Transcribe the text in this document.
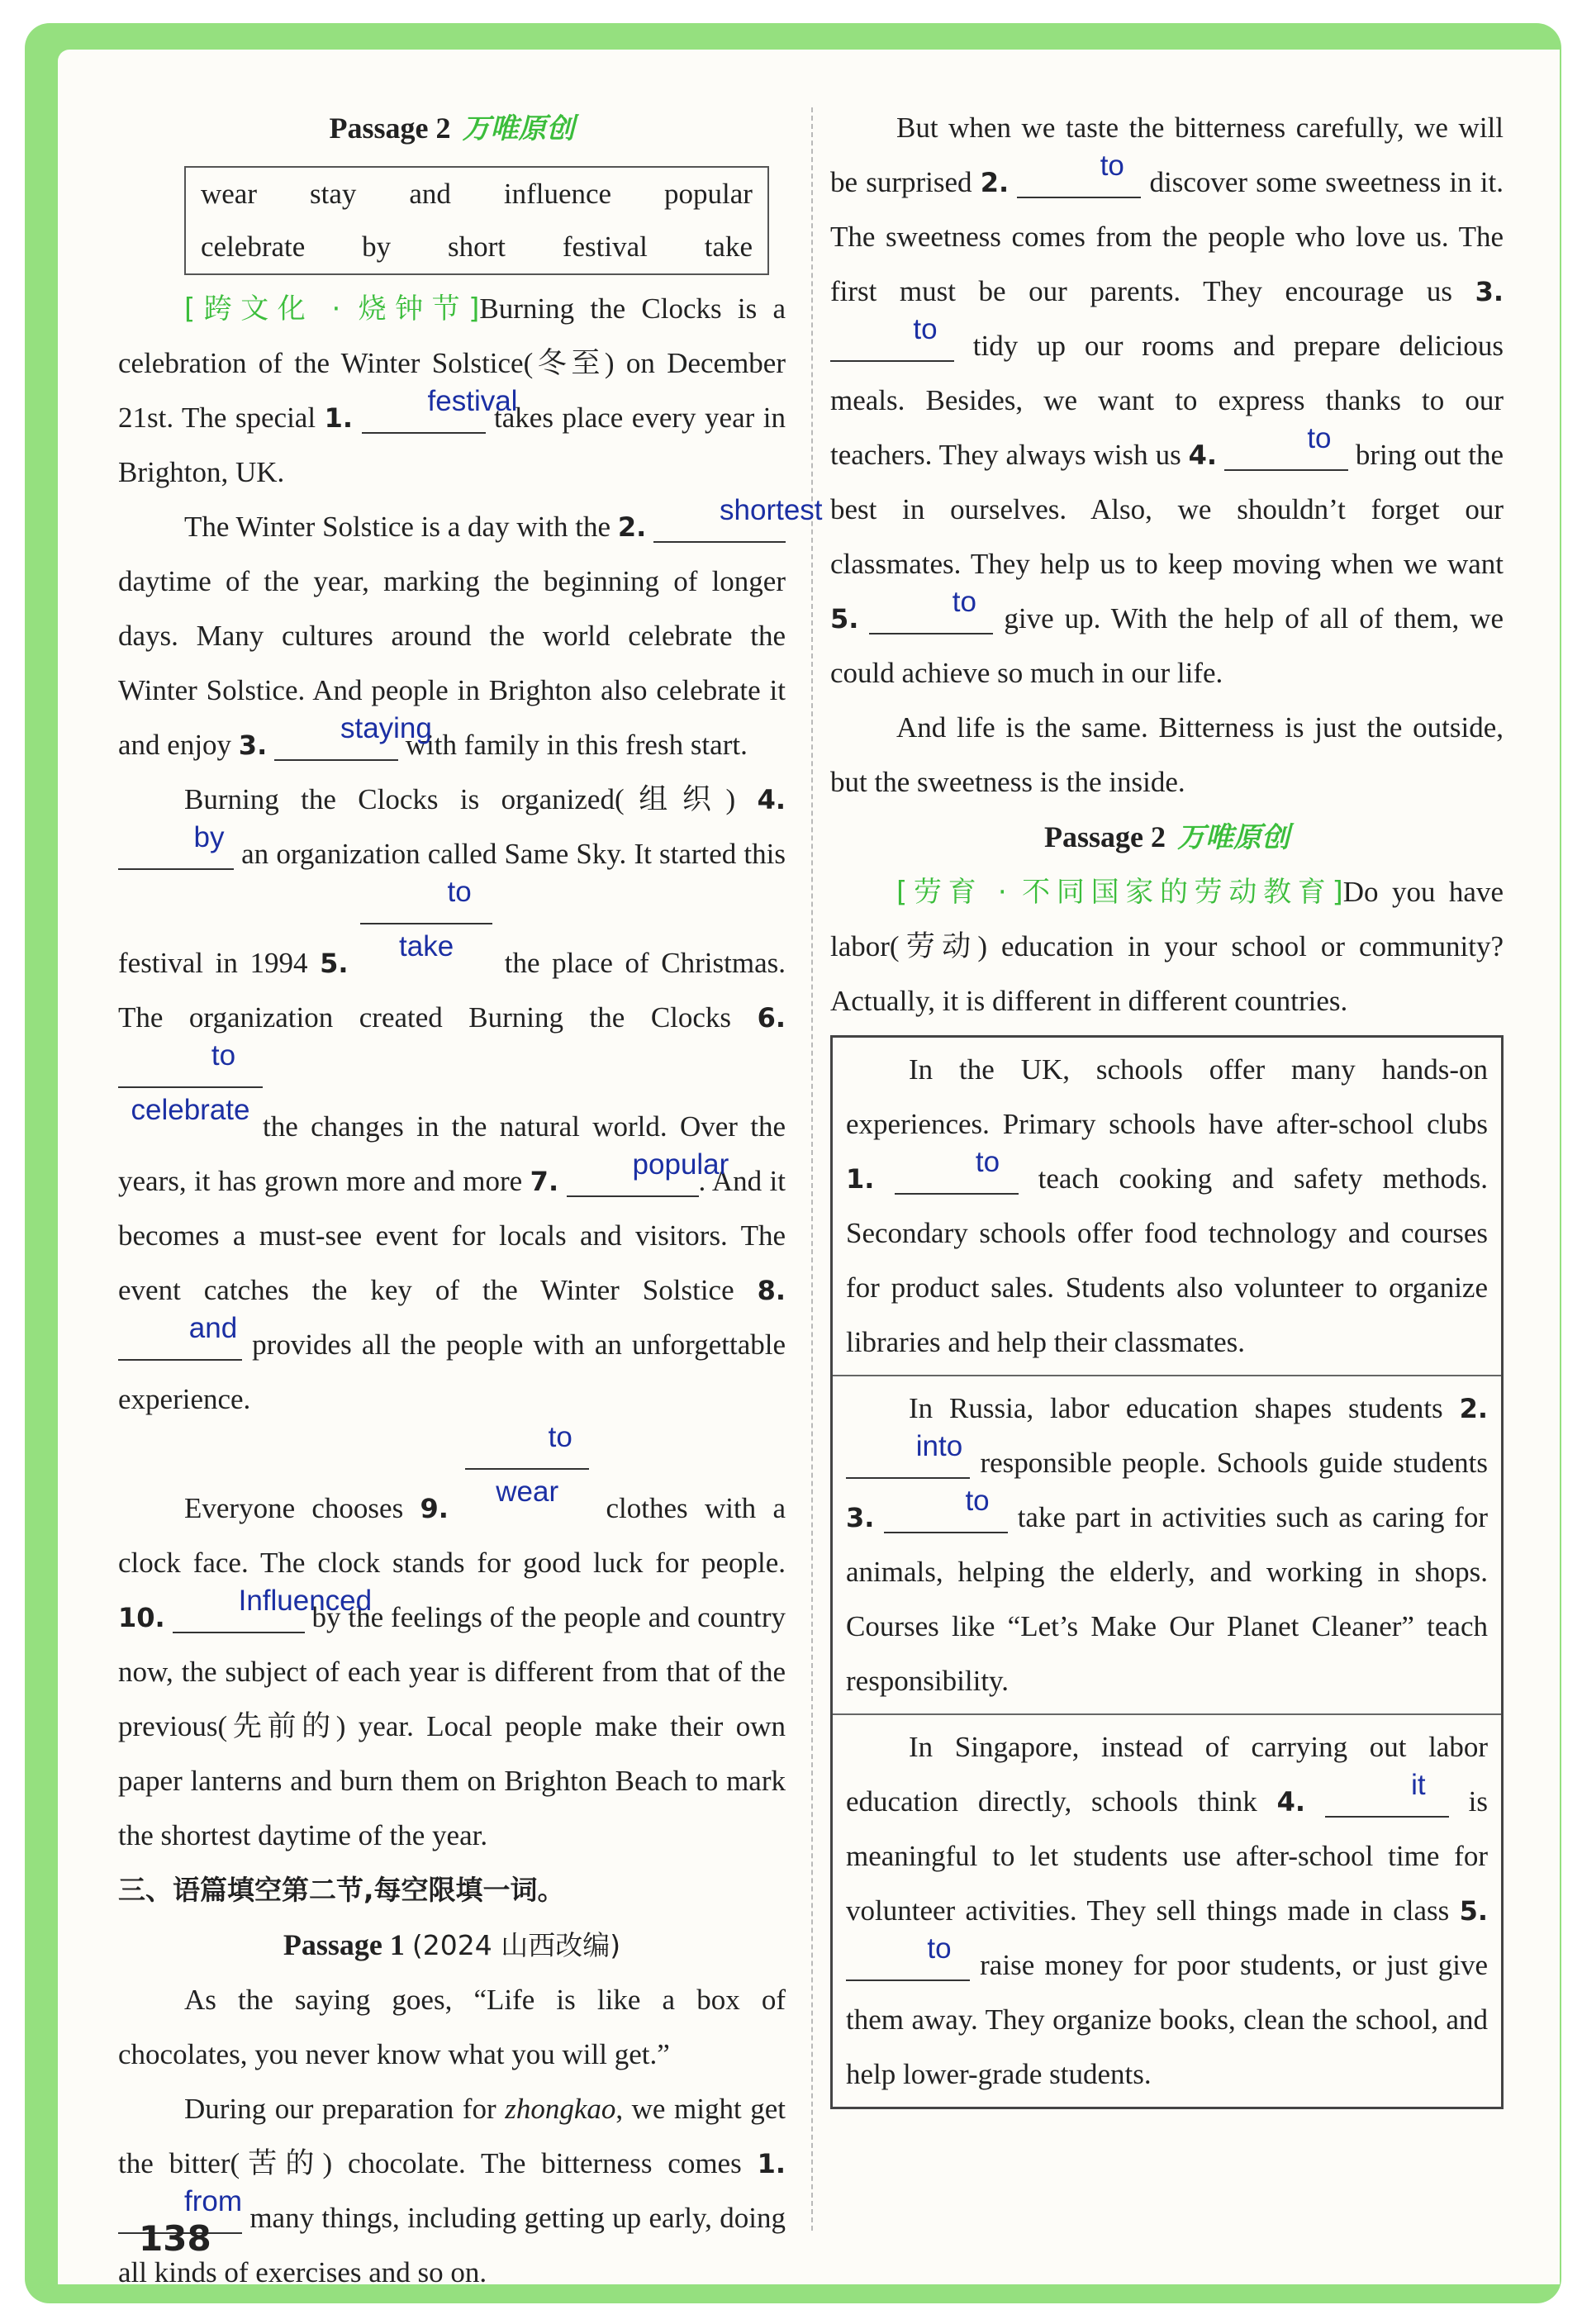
Passage 2 万唯原创
wear stay and influence popular
celebrate by short festival take

[跨文化 · 烧钟节]Burning the Clocks is a celebration of the Winter Solstice(冬至) on December 21st. The special 1. festival takes place every year in Brighton, UK.

The Winter Solstice is a day with the 2. shortest daytime of the year, marking the beginning of longer days. Many cultures around the world celebrate the Winter Solstice. And people in Brighton also celebrate it and enjoy 3. staying with family in this fresh start.

Burning the Clocks is organized(组织) 4. by an organization called Same Sky. It started this festival in 1994 5. to take the place of Christmas. The organization created Burning the Clocks 6. to celebratethe changes in the natural world. Over the years, it has grown more and more 7. popular. And it becomes a must-see event for locals and visitors. The event catches the key of the Winter Solstice 8. and provides all the people with an unforgettable experience.

Everyone chooses 9. to wear clothes with a clock face. The clock stands for good luck for people. 10. Influenced by the feelings of the people and country now, the subject of each year is different from that of the previous(先前的) year. Local people make their own paper lanterns and burn them on Brighton Beach to mark the shortest daytime of the year.

三、语篇填空第二节,每空限填一词。
Passage 1 (2024 山西改编)

As the saying goes, “Life is like a box of chocolates, you never know what you will get.”

During our preparation for zhongkao, we might get the bitter(苦的) chocolate. The bitterness comes 1. from many things, including getting up early, doing all kinds of exercises and so on.

But when we taste the bitterness carefully, we will be surprised 2. to discover some sweetness in it. The sweetness comes from the people who love us. The first must be our parents. They encourage us 3. to tidy up our rooms and prepare delicious meals. Besides, we want to express thanks to our teachers. They always wish us 4. to bring out the best in ourselves. Also, we shouldn’t forget our classmates. They help us to keep moving when we want 5. to give up. With the help of all of them, we could achieve so much in our life.

And life is the same. Bitterness is just the outside, but the sweetness is the inside.

Passage 2 万唯原创

[劳育 · 不同国家的劳动教育]Do you have labor(劳动) education in your school or community? Actually, it is different in different countries.

In the UK, schools offer many hands-on experiences. Primary schools have after-school clubs 1. to teach cooking and safety methods. Secondary schools offer food technology and courses for product sales. Students also volunteer to organize libraries and help their classmates.

In Russia, labor education shapes students 2. into responsible people. Schools guide students 3. to take part in activities such as caring for animals, helping the elderly, and working in shops. Courses like “Let’s Make Our Planet Cleaner” teach responsibility.

In Singapore, instead of carrying out labor education directly, schools think 4. it is meaningful to let students use after-school time for volunteer activities. They sell things made in class 5. to raise money for poor students, or just give them away. They organize books, clean the school, and help lower-grade students.

138
